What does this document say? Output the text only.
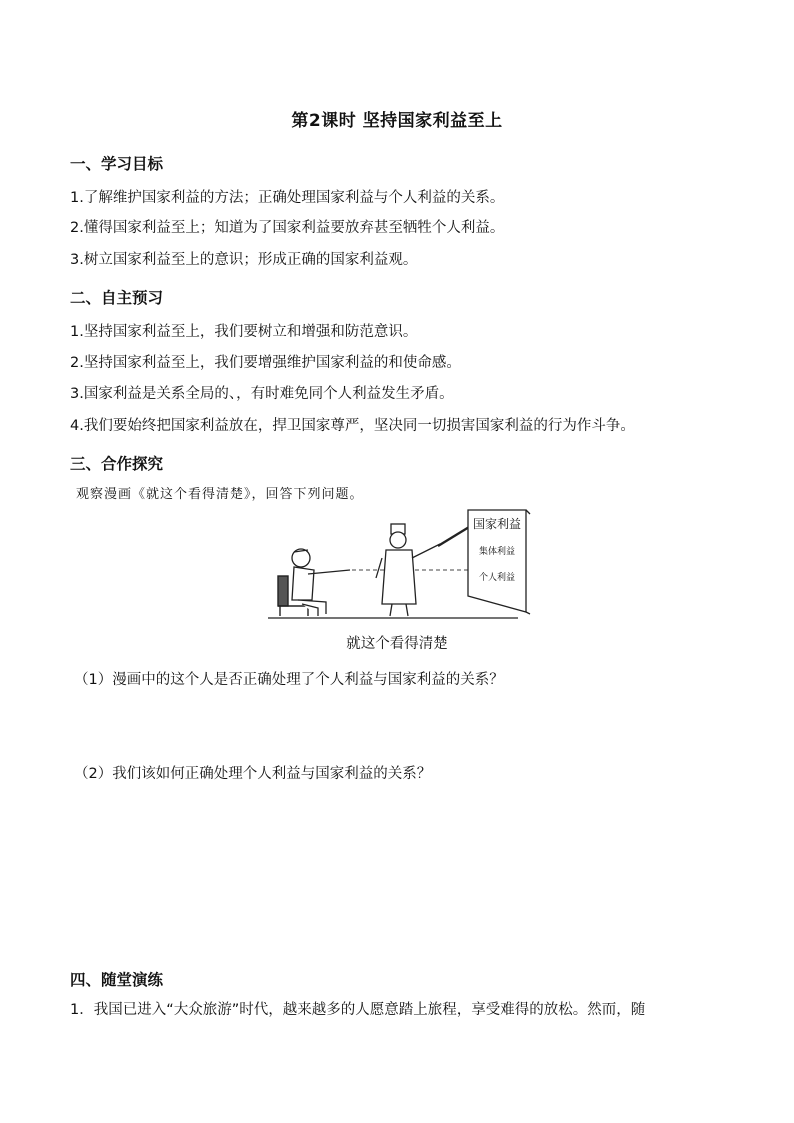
第2课时 坚持国家利益至上
一、学习目标
1.了解维护国家利益的方法；正确处理国家利益与个人利益的关系。
2.懂得国家利益至上；知道为了国家利益要放弃甚至牺牲个人利益。
3.树立国家利益至上的意识；形成正确的国家利益观。
二、自主预习
1.坚持国家利益至上，我们要树立和增强和防范意识。
2.坚持国家利益至上，我们要增强维护国家利益的和使命感。
3.国家利益是关系全局的、，有时难免同个人利益发生矛盾。
4.我们要始终把国家利益放在，捍卫国家尊严，坚决同一切损害国家利益的行为作斗争。
三、合作探究
观察漫画《就这个看得清楚》，回答下列问题。
国家利益
集体利益
个人利益
就这个看得清楚
（1）漫画中的这个人是否正确处理了个人利益与国家利益的关系？
（2）我们该如何正确处理个人利益与国家利益的关系？
四、随堂演练
1．我国已进入“大众旅游”时代，越来越多的人愿意踏上旅程，享受难得的放松。然而，随
